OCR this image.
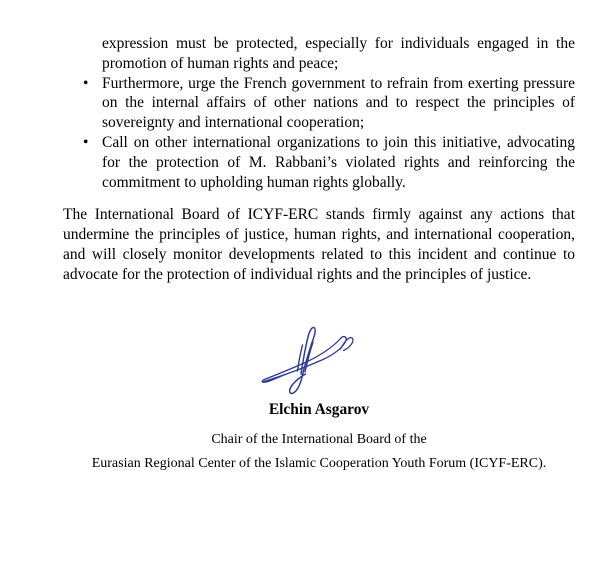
expression must be protected, especially for individuals engaged in the promotion of human rights and peace;

• Furthermore, urge the French government to refrain from exerting pressure on the internal affairs of other nations and to respect the principles of sovereignty and international cooperation;

• Call on other international organizations to join this initiative, advocating for the protection of M. Rabbani’s violated rights and reinforcing the commitment to upholding human rights globally.

The International Board of ICYF-ERC stands firmly against any actions that undermine the principles of justice, human rights, and international cooperation, and will closely monitor developments related to this incident and continue to advocate for the protection of individual rights and the principles of justice.

Elchin Asgarov

Chair of the International Board of the

Eurasian Regional Center of the Islamic Cooperation Youth Forum (ICYF-ERC).
